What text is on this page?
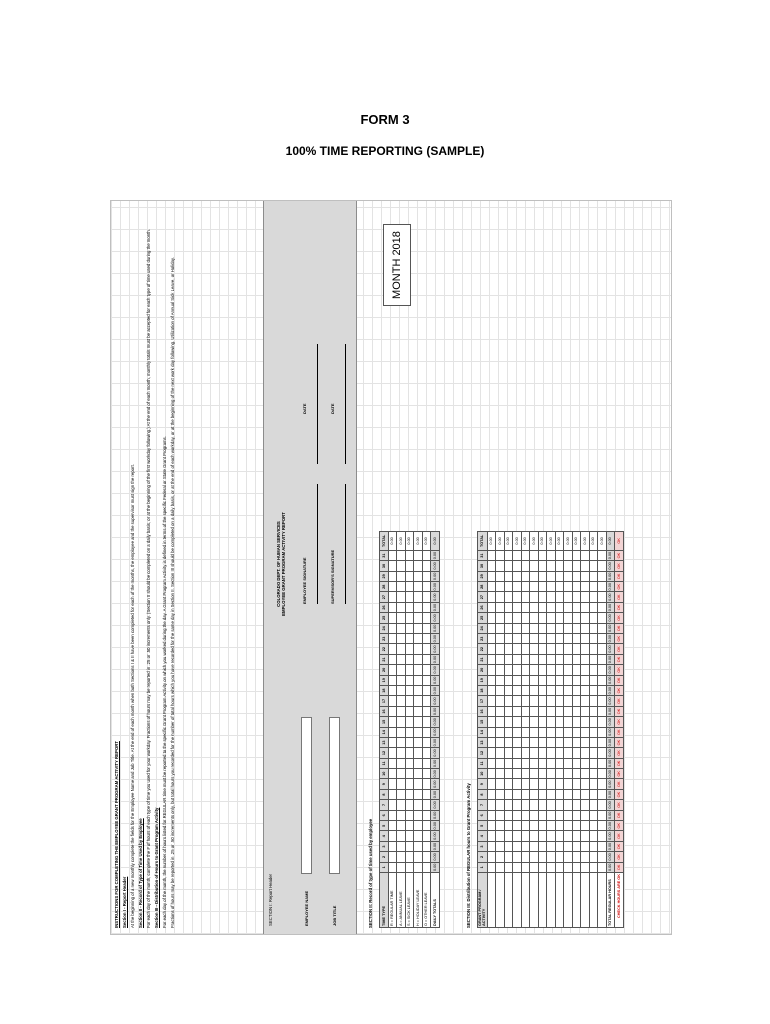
FORM 3
100% TIME REPORTING (SAMPLE)
INSTRUCTIONS FOR COMPLETING THE EMPLOYEE GRANT PROGRAM ACTIVITY REPORT Section I - Report Header At the beginning of a new monthly complete the fields for the Employee Name and Job Title. At the end of each month when both Sections I & II have been completed for each of the months, the employee and the supervisor must sign the report. Section II - Record of Type of Time Used by Employee For each day of the month, complete the # of hours of each type of time you used for your workday. Fractions of hours may be reported in .25 or .50 increments only. (Section II should be completed on a daily basis, or at the beginning of the first workday following.) At the end of each month, monthly totals must be accepted for each type of time used during the month. Section III - Distribution of Hours to Grant Program Activity For each day of the month, the number of hours listed for REGULAR time must be reported to the specific Grant Program Activity on which you worked during the day. A Grant Program Activity is defined in terms of the specific Federal or State Grant Programs. Fractions of hours may be reported in .25 or .50 increments only, but total hours you recorded for the number of total hours which you have recorded for the same day in Section II. Section III should be completed on a daily basis, or at the end of each workday, or at the beginning of the next work day following. Utilization of Annual Sick Leave, or Holiday.	SECTION I: Report Header
COLORADO DEPT. OF HUMAN SERVICES EMPLOYEE GRANT PROGRAM ACTIVITY REPORT
EMPLOYEE NAME	JOB TITLE
EMPLOYEE SIGNATURE
DATE
SUPERVISOR'S SIGNATURE
DATE
SECTION II: Record of type of time used by employee TIME TYPE	1	2	3	4	5	6	7	8	9	10	11	12	13	14	15	16	17	18	19	20	21	22	23	24	25	26	27	28	29	30	31	TOTAL
R = REGULAR TIME																																0.00
A = ANNUAL LEAVE																																0.00
S = SICK LEAVE																																0.00
H = HOLIDAY LEAVE																																0.00
O = OTHER LEAVE																																0.00
DAILY TOTALS	0.00	0.00	0.00	0.00	0.00	0.00	0.00	0.00	0.00	0.00	0.00	0.00	0.00	0.00	0.00	0.00	0.00	0.00	0.00	0.00	0.00	0.00	0.00	0.00	0.00	0.00	0.00	0.00	0.00	0.00	0.00	0.00
MONTH 2018
SECTION III: Distribution of REGULAR hours to Grant Program Activity GRANT PROGRAM / ACTIVITY	1	2	3	4	5	6	7	8	9	10	11	12	13	14	15	16	17	18	19	20	21	22	23	24	25	26	27	28	29	30	31	TOTAL
																																0.00
																																0.00
																																0.00
																																0.00
																																0.00
																																0.00
																																0.00
																																0.00
																																0.00
																																0.00
																																0.00
																																0.00
																																0.00
																																0.00
TOTAL REGULAR HOURS	0.00	0.00	0.00	0.00	0.00	0.00	0.00	0.00	0.00	0.00	0.00	0.00	0.00	0.00	0.00	0.00	0.00	0.00	0.00	0.00	0.00	0.00	0.00	0.00	0.00	0.00	0.00	0.00	0.00	0.00	0.00	0.00
CHECK HOURS ARE OK	OK	OK	OK	OK	OK	OK	OK	OK	OK	OK	OK	OK	OK	OK	OK	OK	OK	OK	OK	OK	OK	OK	OK	OK	OK	OK	OK	OK	OK	OK	OK	OK
